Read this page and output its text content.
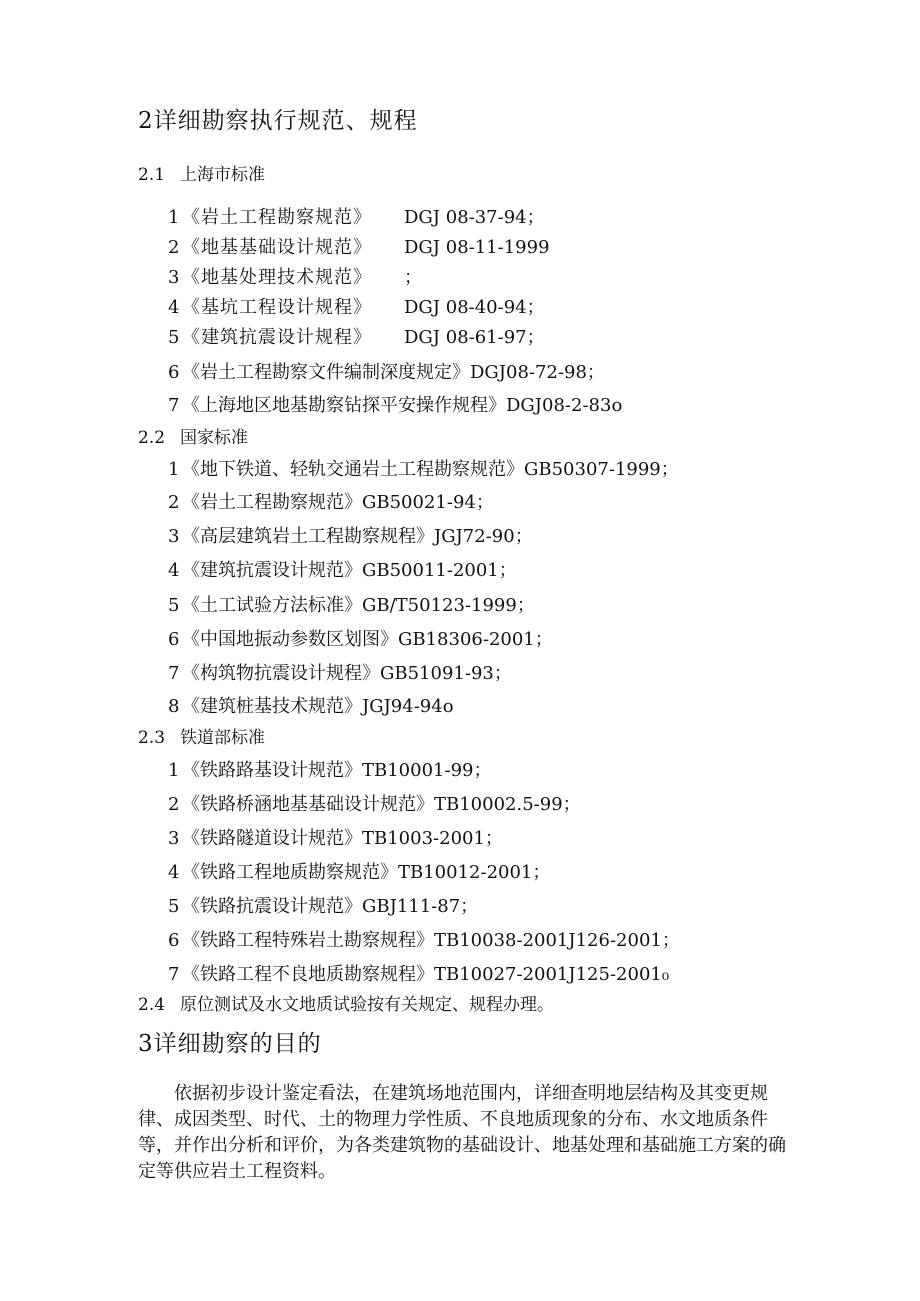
2详细勘察执行规范、规程
2.1 上海市标准
1 《岩土工程勘察规范》 DGJ 08-37-94；
2 《地基基础设计规范》 DGJ 08-11-1999
3 《地基处理技术规范》 ；
4 《基坑工程设计规程》 DGJ 08-40-94；
5 《建筑抗震设计规程》 DGJ 08-61-97；
6 《岩土工程勘察文件编制深度规定》DGJ08-72-98；
7 《上海地区地基勘察钻探平安操作规程》DGJ08-2-83o
2.2 国家标准
1 《地下铁道、轻轨交通岩土工程勘察规范》GB50307-1999；
2 《岩土工程勘察规范》GB50021-94；
3 《高层建筑岩土工程勘察规程》JGJ72-90；
4 《建筑抗震设计规范》GB50011-2001；
5 《土工试验方法标准》GB/T50123-1999；
6 《中国地振动参数区划图》GB18306-2001；
7 《构筑物抗震设计规程》GB51091-93；
8 《建筑桩基技术规范》JGJ94-94o
2.3 铁道部标准
1 《铁路路基设计规范》TB10001-99；
2 《铁路桥涵地基基础设计规范》TB10002.5-99；
3 《铁路隧道设计规范》TB1003-2001；
4 《铁路工程地质勘察规范》TB10012-2001；
5 《铁路抗震设计规范》GBJ111-87；
6 《铁路工程特殊岩土勘察规程》TB10038-2001J126-2001；
7 《铁路工程不良地质勘察规程》TB10027-2001J125-2001₀
2.4 原位测试及水文地质试验按有关规定、规程办理。
3详细勘察的目的
依据初步设计鉴定看法，在建筑场地范围内，详细查明地层结构及其变更规律、成因类型、时代、土的物理力学性质、不良地质现象的分布、水文地质条件等，并作出分析和评价，为各类建筑物的基础设计、地基处理和基础施工方案的确定等供应岩土工程资料。
